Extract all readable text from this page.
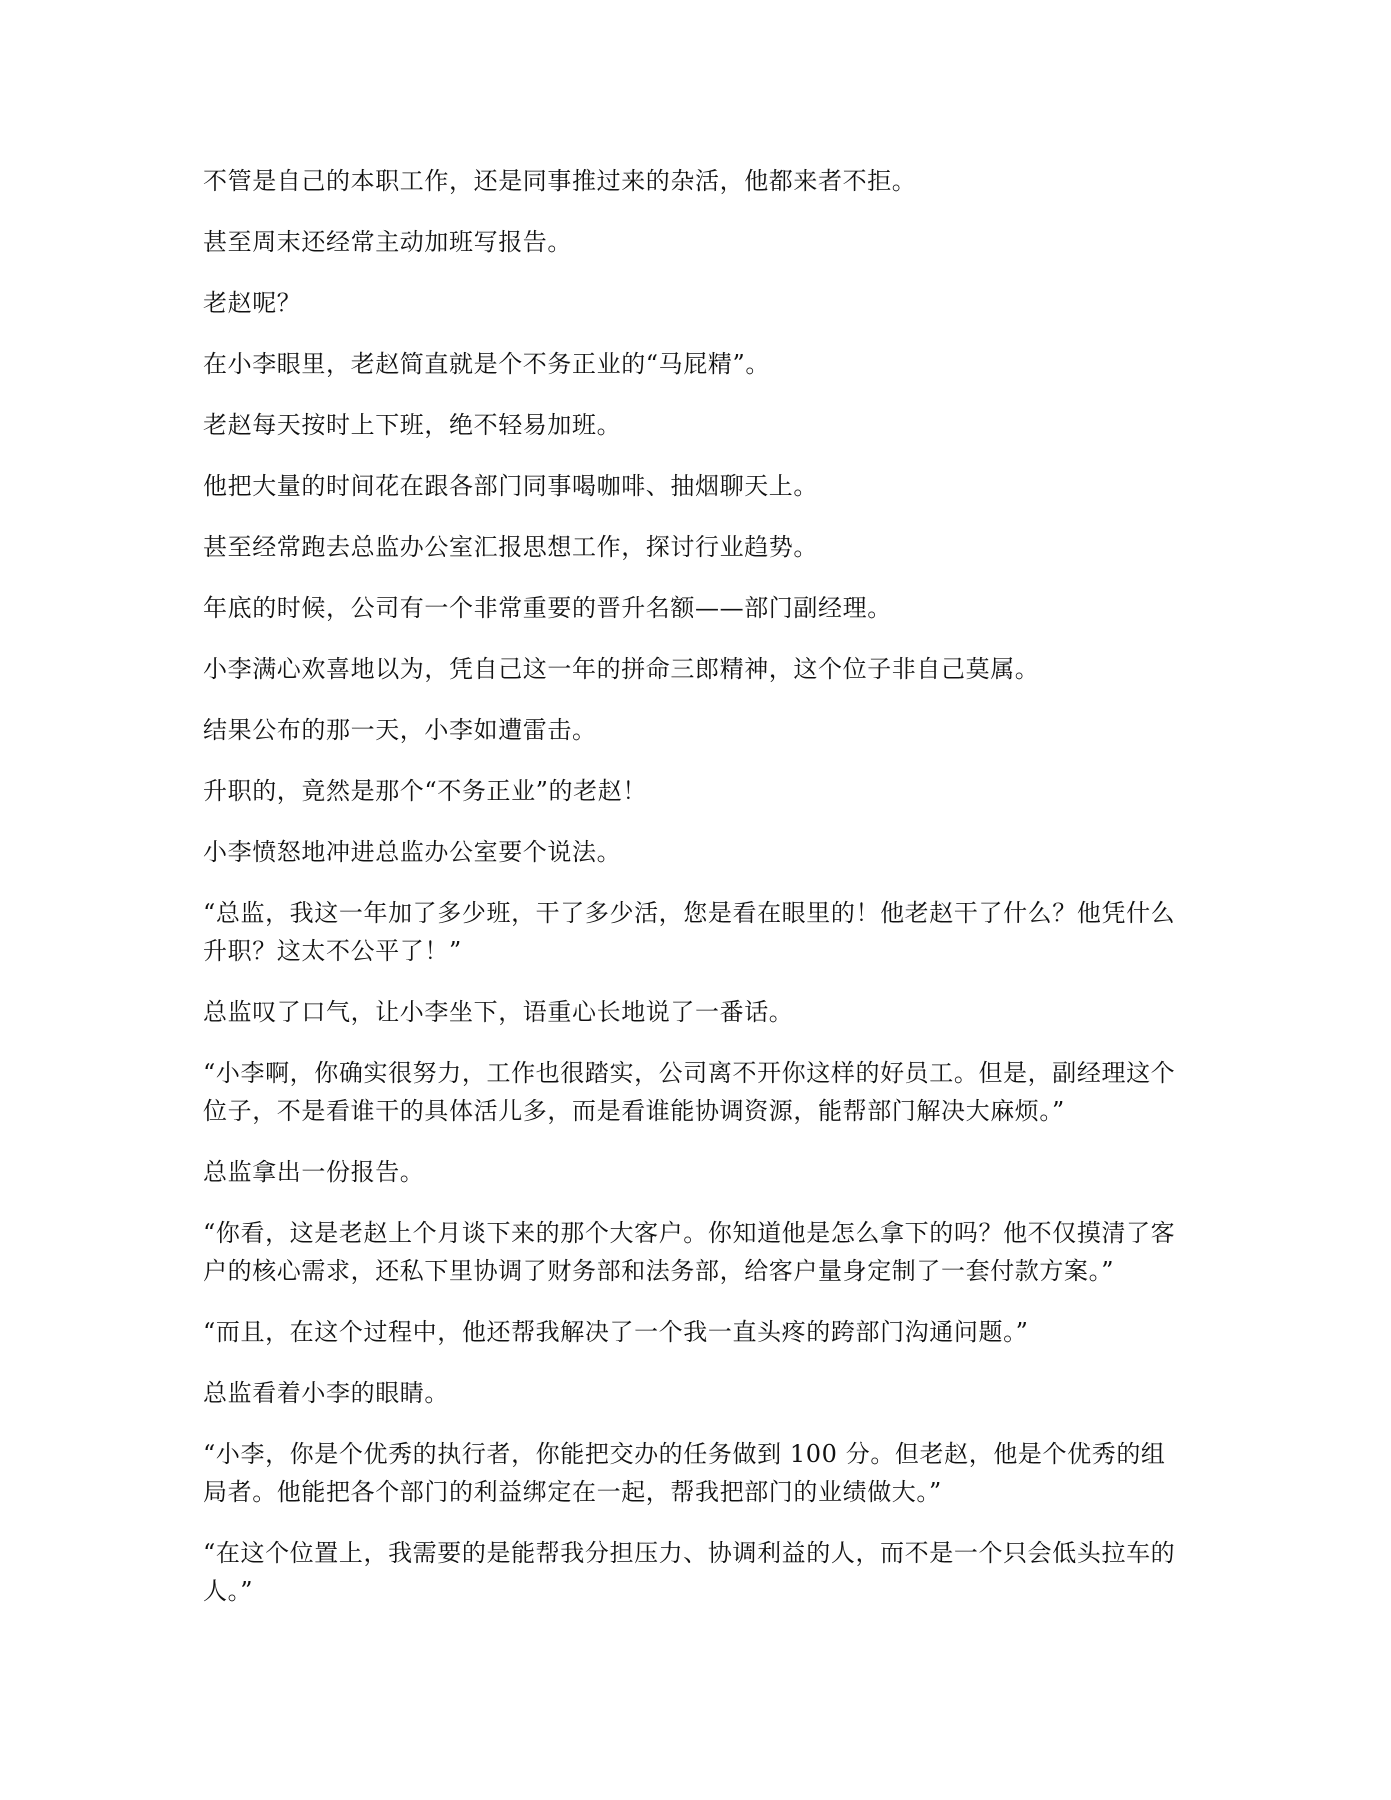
不管是自己的本职工作，还是同事推过来的杂活，他都来者不拒。

甚至周末还经常主动加班写报告。

老赵呢？

在小李眼里，老赵简直就是个不务正业的“马屁精”。

老赵每天按时上下班，绝不轻易加班。

他把大量的时间花在跟各部门同事喝咖啡、抽烟聊天上。

甚至经常跑去总监办公室汇报思想工作，探讨行业趋势。

年底的时候，公司有一个非常重要的晋升名额——部门副经理。

小李满心欢喜地以为，凭自己这一年的拼命三郎精神，这个位子非自己莫属。

结果公布的那一天，小李如遭雷击。

升职的，竟然是那个“不务正业”的老赵！

小李愤怒地冲进总监办公室要个说法。

“总监，我这一年加了多少班，干了多少活，您是看在眼里的！他老赵干了什么？他凭什么升职？这太不公平了！”

总监叹了口气，让小李坐下，语重心长地说了一番话。

“小李啊，你确实很努力，工作也很踏实，公司离不开你这样的好员工。但是，副经理这个位子，不是看谁干的具体活儿多，而是看谁能协调资源，能帮部门解决大麻烦。”

总监拿出一份报告。

“你看，这是老赵上个月谈下来的那个大客户。你知道他是怎么拿下的吗？他不仅摸清了客户的核心需求，还私下里协调了财务部和法务部，给客户量身定制了一套付款方案。”

“而且，在这个过程中，他还帮我解决了一个我一直头疼的跨部门沟通问题。”

总监看着小李的眼睛。

“小李，你是个优秀的执行者，你能把交办的任务做到 100 分。但老赵，他是个优秀的组局者。他能把各个部门的利益绑定在一起，帮我把部门的业绩做大。”

“在这个位置上，我需要的是能帮我分担压力、协调利益的人，而不是一个只会低头拉车的人。”
